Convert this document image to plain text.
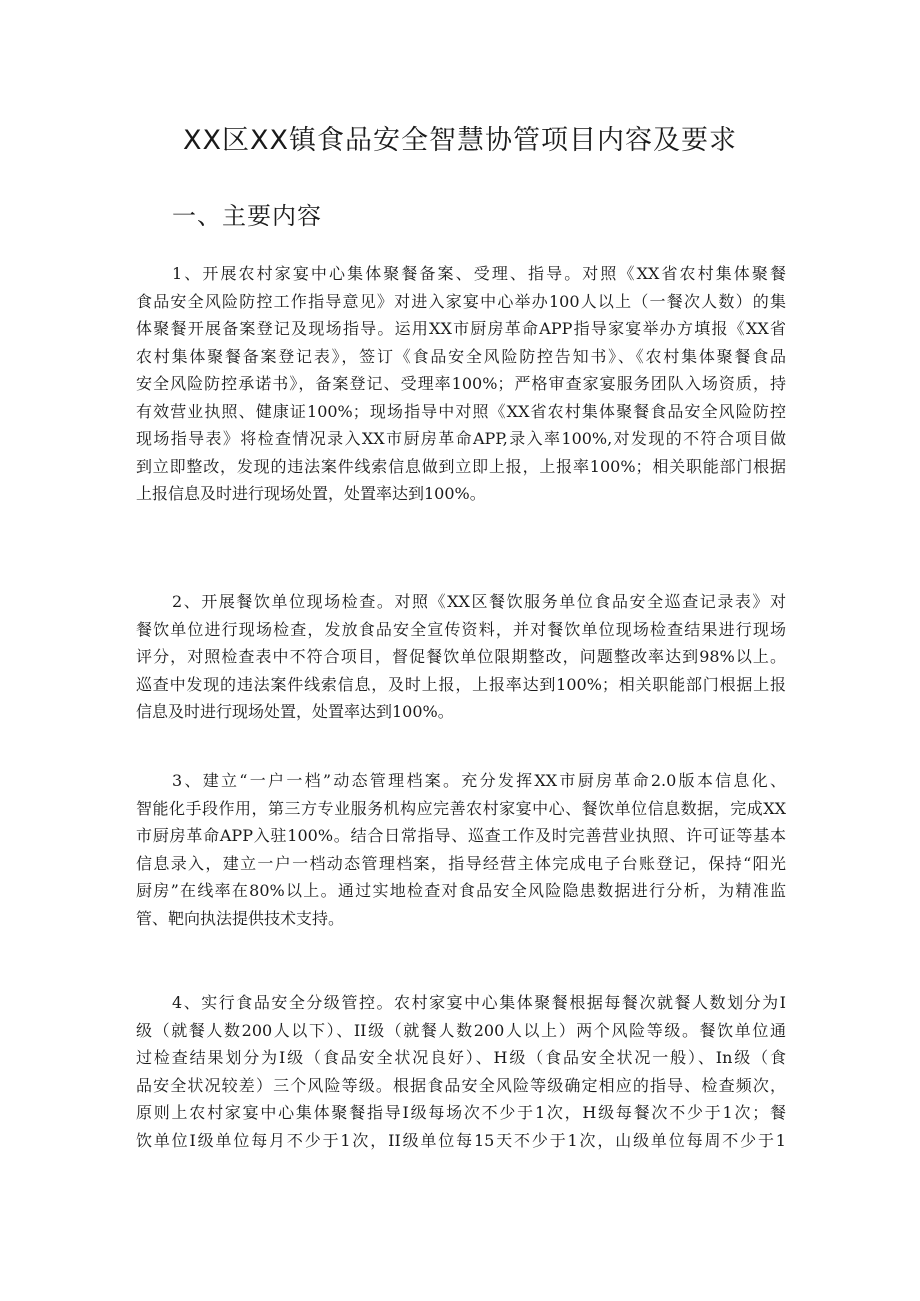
XX区XX镇食品安全智慧协管项目内容及要求
一、主要内容
1、开展农村家宴中心集体聚餐备案、受理、指导。对照《XX省农村集体聚餐
食品安全风险防控工作指导意见》对进入家宴中心举办100人以上（一餐次人数）的集
体聚餐开展备案登记及现场指导。运用XX市厨房革命APP指导家宴举办方填报《XX省
农村集体聚餐备案登记表》，签订《食品安全风险防控告知书》、《农村集体聚餐食品
安全风险防控承诺书》，备案登记、受理率100%；严格审查家宴服务团队入场资质，持
有效营业执照、健康证100%；现场指导中对照《XX省农村集体聚餐食品安全风险防控
现场指导表》将检查情况录入XX市厨房革命APP,录入率100%,对发现的不符合项目做
到立即整改，发现的违法案件线索信息做到立即上报，上报率100%；相关职能部门根据
上报信息及时进行现场处置，处置率达到100%。
2、开展餐饮单位现场检查。对照《XX区餐饮服务单位食品安全巡查记录表》对
餐饮单位进行现场检查，发放食品安全宣传资料，并对餐饮单位现场检查结果进行现场
评分，对照检查表中不符合项目，督促餐饮单位限期整改，问题整改率达到98%以上。
巡查中发现的违法案件线索信息，及时上报，上报率达到100%；相关职能部门根据上报
信息及时进行现场处置，处置率达到100%。
3、建立“一户一档”动态管理档案。充分发挥XX市厨房革命2.0版本信息化、
智能化手段作用，第三方专业服务机构应完善农村家宴中心、餐饮单位信息数据，完成XX
市厨房革命APP入驻100%。结合日常指导、巡查工作及时完善营业执照、许可证等基本
信息录入，建立一户一档动态管理档案，指导经营主体完成电子台账登记，保持“阳光
厨房”在线率在80%以上。通过实地检查对食品安全风险隐患数据进行分析，为精准监
管、靶向执法提供技术支持。
4、实行食品安全分级管控。农村家宴中心集体聚餐根据每餐次就餐人数划分为I
级（就餐人数200人以下）、II级（就餐人数200人以上）两个风险等级。餐饮单位通
过检查结果划分为I级（食品安全状况良好）、H级（食品安全状况一般）、In级（食
品安全状况较差）三个风险等级。根据食品安全风险等级确定相应的指导、检查频次，
原则上农村家宴中心集体聚餐指导I级每场次不少于1次，H级每餐次不少于1次；餐
饮单位I级单位每月不少于1次，II级单位每15天不少于1次，山级单位每周不少于1
